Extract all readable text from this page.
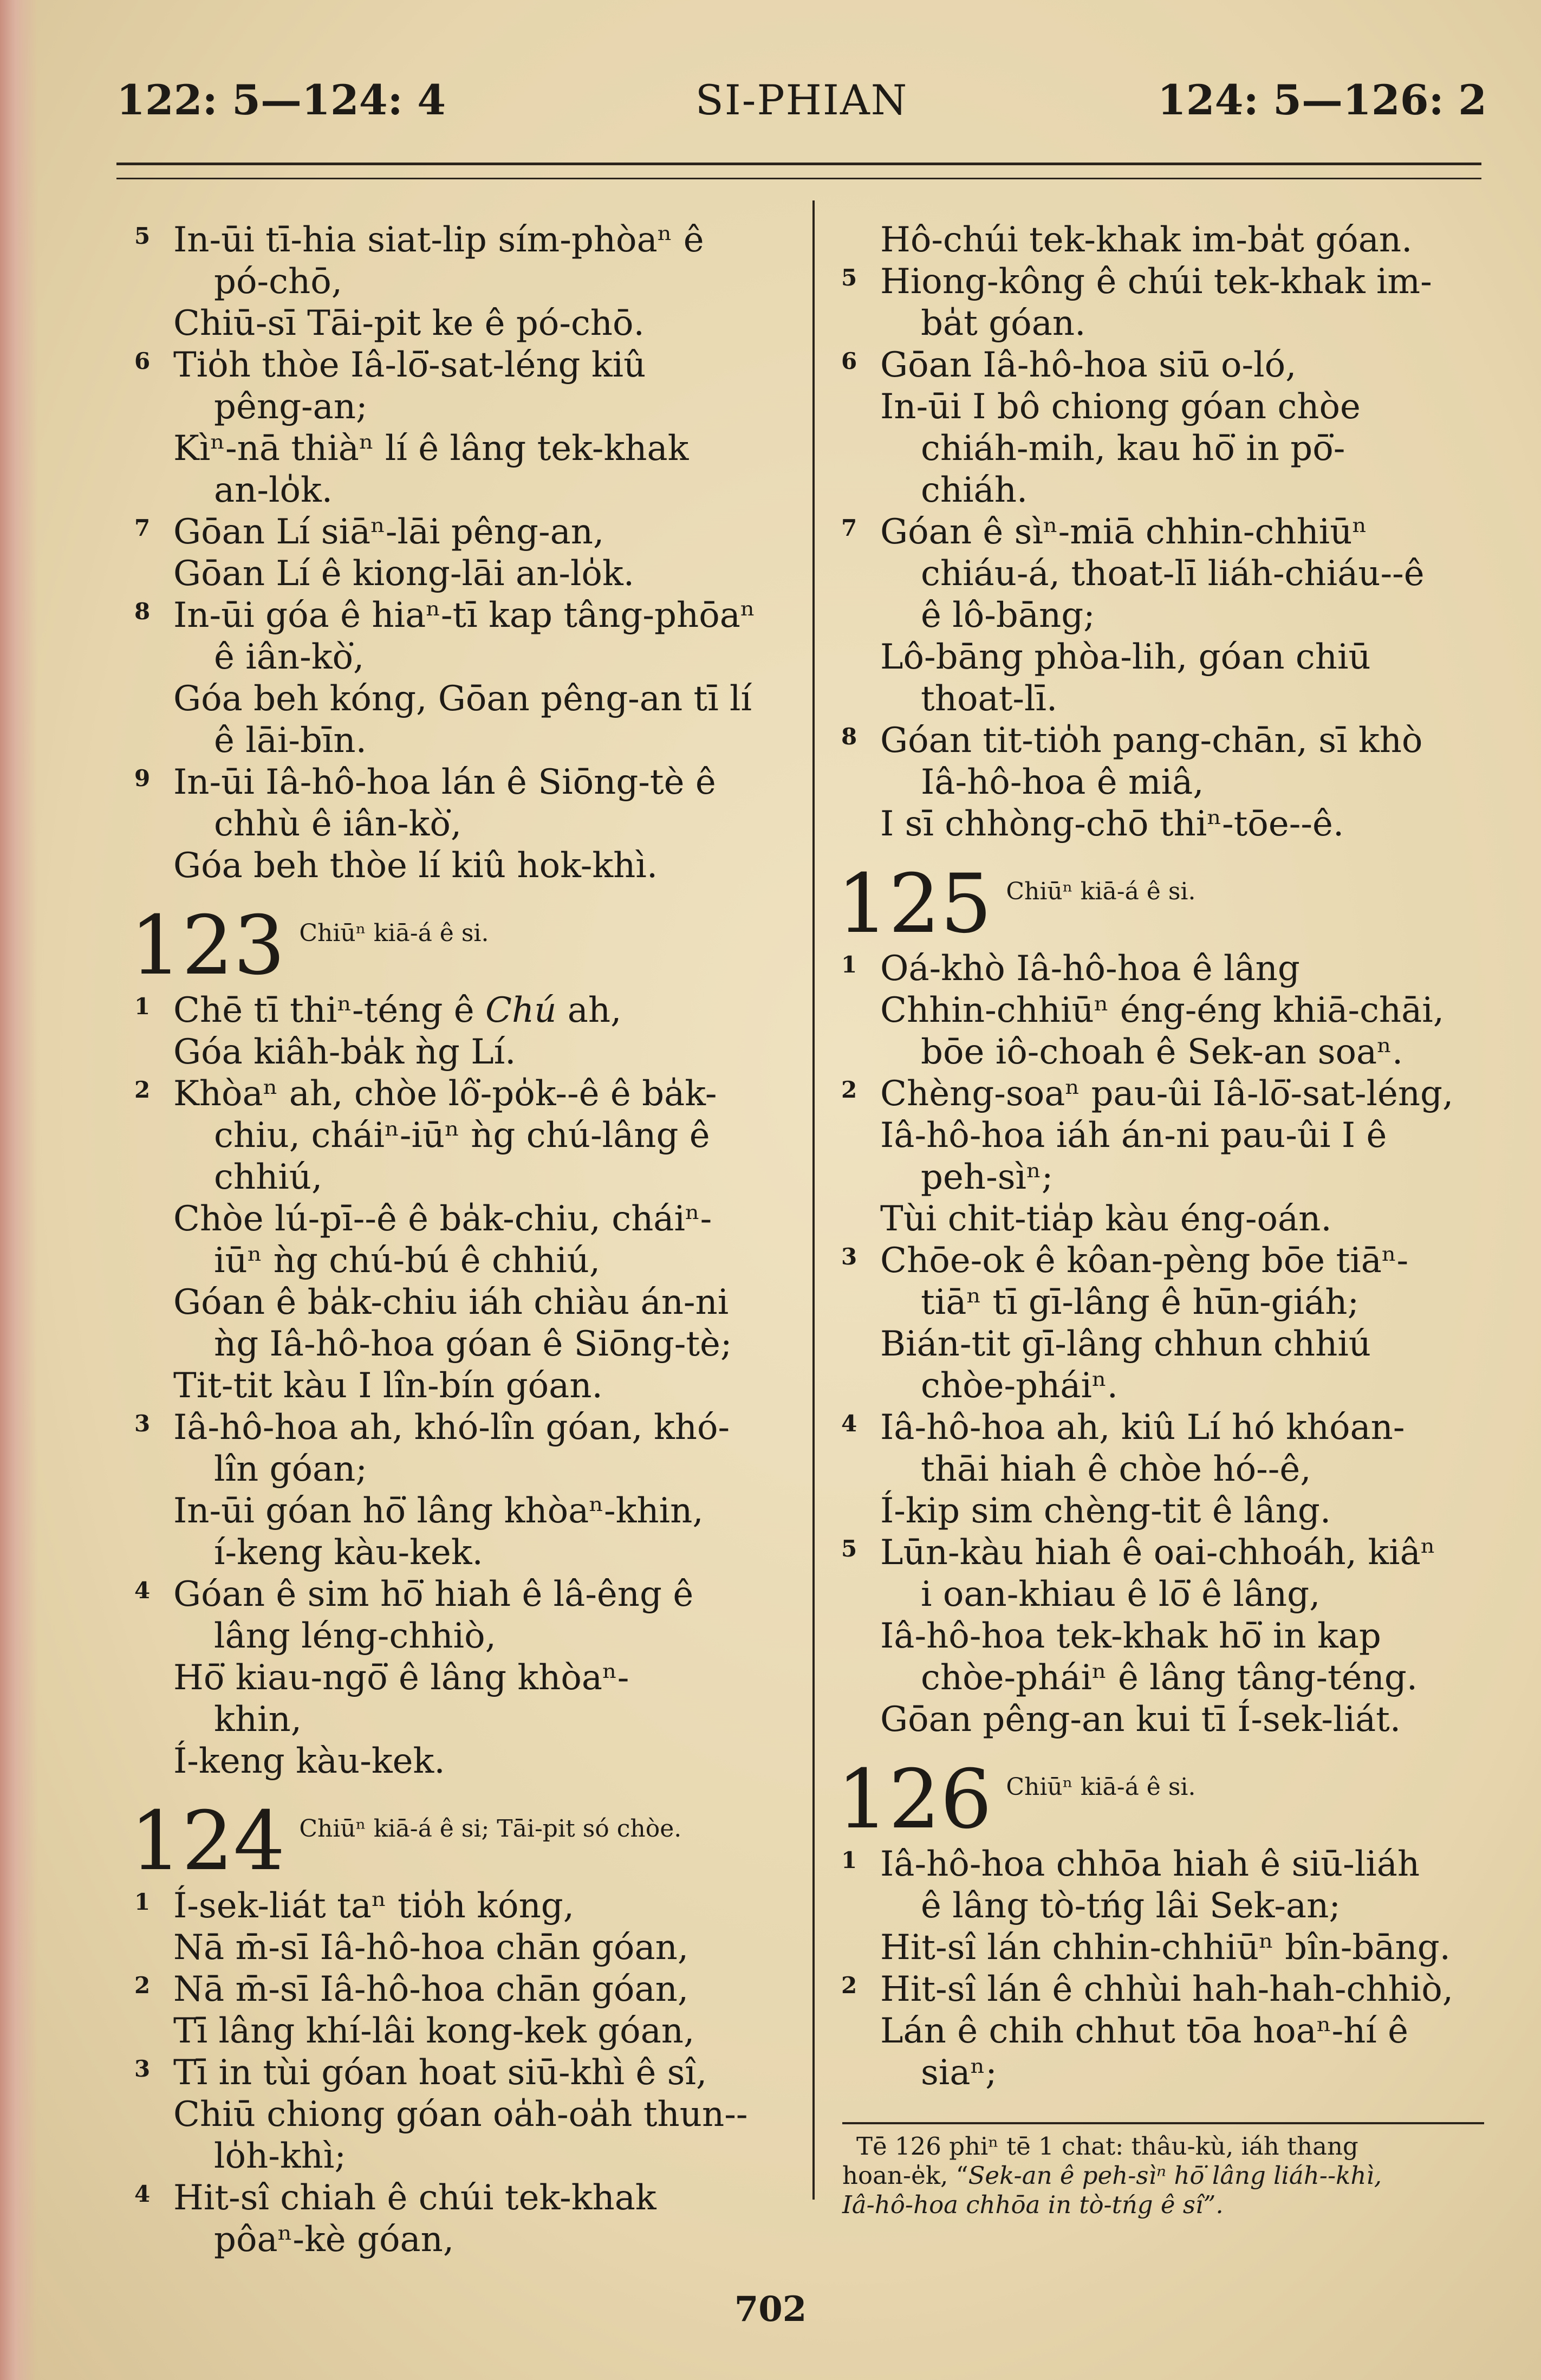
122: 5—124: 4	SI-PHIAN	124: 5—126: 2
5 In-ūi tī-hia siat-lip sím-phòaⁿ ê
pó-chō,
Chiū-sī Tāi-pit ke ê pó-chō.
6 Tio̍h thòe Iâ-lō͘-sat-léng kiû
pêng-an;
Kìⁿ-nā thiàⁿ lí ê lâng tek-khak
an-lo̍k.
7 Gōan Lí siāⁿ-lāi pêng-an,
Gōan Lí ê kiong-lāi an-lo̍k.
8 In-ūi góa ê hiaⁿ-tī kap tâng-phōaⁿ
ê iân-kò͘,
Góa beh kóng, Gōan pêng-an tī lí
ê lāi-bīn.
9 In-ūi Iâ-hô-hoa lán ê Siōng-tè ê
chhù ê iân-kò͘,
Góa beh thòe lí kiû hok-khì.
123 Chiūⁿ kiā-á ê si.
1 Chē tī thiⁿ-téng ê Chú ah,
Góa kiâh-ba̍k ǹg Lí.
2 Khòaⁿ ah, chòe lô͘-po̍k--ê ê ba̍k-
chiu, cháiⁿ-iūⁿ ǹg chú-lâng ê
chhiú,
Chòe lú-pī--ê ê ba̍k-chiu, cháiⁿ-
iūⁿ ǹg chú-bú ê chhiú,
Góan ê ba̍k-chiu iáh chiàu án-ni
ǹg Iâ-hô-hoa góan ê Siōng-tè;
Tit-tit kàu I lîn-bín góan.
3 Iâ-hô-hoa ah, khó-lîn góan, khó-
lîn góan;
In-ūi góan hō͘ lâng khòaⁿ-khin,
í-keng kàu-kek.
4 Góan ê sim hō͘ hiah ê lâ-êng ê
lâng léng-chhiò,
Hō͘ kiau-ngō͘ ê lâng khòaⁿ-
khin,
Í-keng kàu-kek.
124 Chiūⁿ kiā-á ê si; Tāi-pit só chòe.
1 Í-sek-liát taⁿ tio̍h kóng,
Nā m̄-sī Iâ-hô-hoa chān góan,
2 Nā m̄-sī Iâ-hô-hoa chān góan,
Tī lâng khí-lâi kong-kek góan,
3 Tī in tùi góan hoat siū-khì ê sî,
Chiū chiong góan oa̍h-oa̍h thun--
lo̍h-khì;
4 Hit-sî chiah ê chúi tek-khak
pôaⁿ-kè góan,
Hô-chúi tek-khak im-ba̍t góan.
5 Hiong-kông ê chúi tek-khak im-
ba̍t góan.
6 Gōan Iâ-hô-hoa siū o-ló,
In-ūi I bô chiong góan chòe
chiáh-mih, kau hō͘ in pō͘-
chiáh.
7 Góan ê sìⁿ-miā chhin-chhiūⁿ
chiáu-á, thoat-lī liáh-chiáu--ê
ê lô-bāng;
Lô-bāng phòa-lih, góan chiū
thoat-lī.
8 Góan tit-tio̍h pang-chān, sī khò
Iâ-hô-hoa ê miâ,
I sī chhòng-chō thiⁿ-tōe--ê.
125 Chiūⁿ kiā-á ê si.
1 Oá-khò Iâ-hô-hoa ê lâng
Chhin-chhiūⁿ éng-éng khiā-chāi,
bōe iô-choah ê Sek-an soaⁿ.
2 Chèng-soaⁿ pau-ûi Iâ-lō͘-sat-léng,
Iâ-hô-hoa iáh án-ni pau-ûi I ê
peh-sìⁿ;
Tùi chit-tia̍p kàu éng-oán.
3 Chōe-ok ê kôan-pèng bōe tiāⁿ-
tiāⁿ tī gī-lâng ê hūn-giáh;
Bián-tit gī-lâng chhun chhiú
chòe-pháiⁿ.
4 Iâ-hô-hoa ah, kiû Lí hó khóan-
thāi hiah ê chòe hó--ê,
Í-kip sim chèng-tit ê lâng.
5 Lūn-kàu hiah ê oai-chhoáh, kiâⁿ
i oan-khiau ê lō͘ ê lâng,
Iâ-hô-hoa tek-khak hō͘ in kap
chòe-pháiⁿ ê lâng tâng-téng.
Gōan pêng-an kui tī Í-sek-liát.
126 Chiūⁿ kiā-á ê si.
1 Iâ-hô-hoa chhōa hiah ê siū-liáh
ê lâng tò-tńg lâi Sek-an;
Hit-sî lán chhin-chhiūⁿ bîn-bāng.
2 Hit-sî lán ê chhùi hah-hah-chhiò,
Lán ê chih chhut tōa hoaⁿ-hí ê
siaⁿ;
Tē 126 phiⁿ tē 1 chat: thâu-kù, iáh thang
hoan-e̍k, “Sek-an ê peh-sìⁿ hō͘ lâng liáh--khì,
Iâ-hô-hoa chhōa in tò-tńg ê sî”.
702
